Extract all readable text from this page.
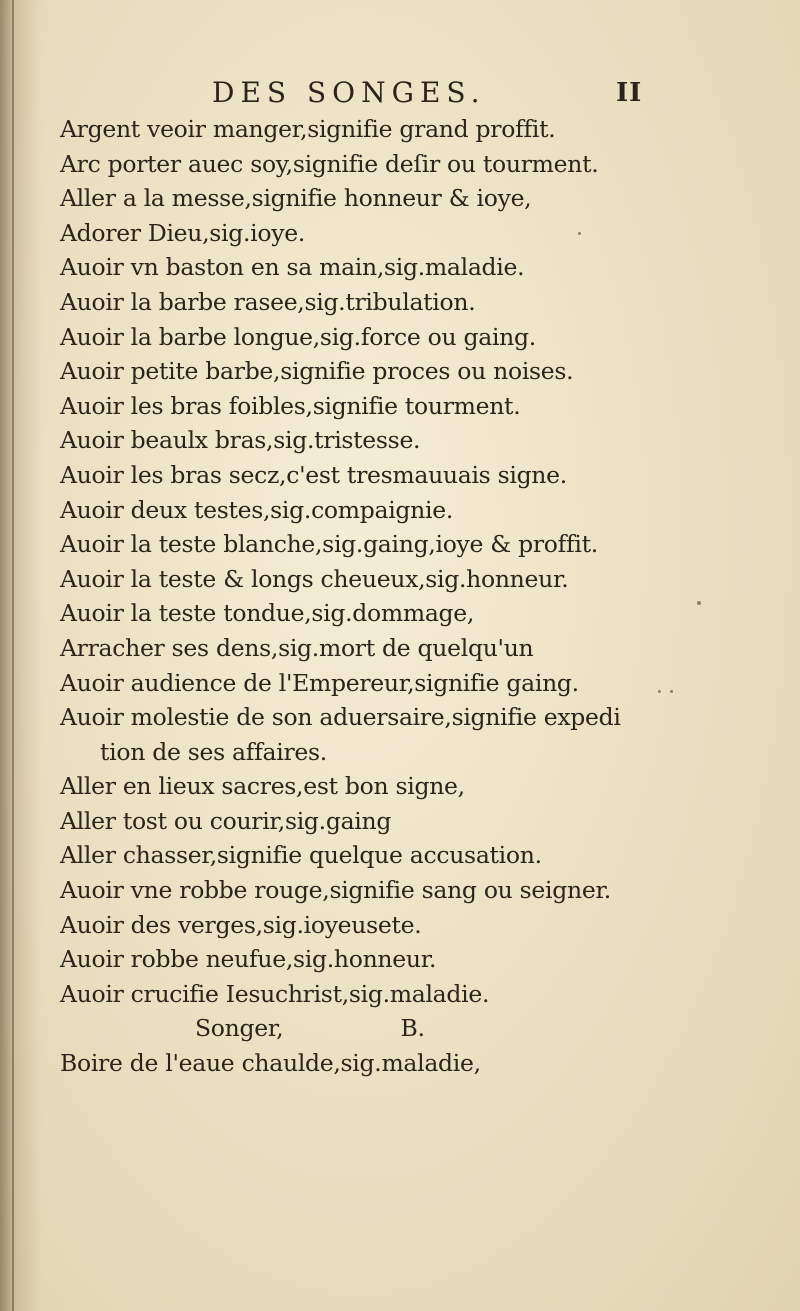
DES SONGES.	II
Argent veoir manger,signifie grand proffit.
Arc porter auec soy,signifie deſir ou tourment.
Aller a la messe,signifie honneur & ioye,
Adorer Dieu,sig.ioye.
Auoir vn baston en sa main,sig.maladie.
Auoir la barbe rasee,sig.tribulation.
Auoir la barbe longue,sig.force ou gaing.
Auoir petite barbe,signifie proces ou noises.
Auoir les bras foibles,signifie tourment.
Auoir beaulx bras,sig.tristesse.
Auoir les bras secz,c'est tresmauuais signe.
Auoir deux testes,sig.compaignie.
Auoir la teste blanche,sig.gaing,ioye & proffit.
Auoir la teste & longs cheueux,sig.honneur.
Auoir la teste tondue,sig.dommage,
Arracher ses dens,sig.mort de quelqu'un
Auoir audience de l'Empereur,signifie gaing.
Auoir molestie de son aduersaire,signifie expedi
tion de ses affaires.
Aller en lieux sacres,est bon signe,
Aller tost ou courir,sig.gaing
Aller chasser,signifie quelque accusation.
Auoir vne robbe rouge,signifie sang ou seigner.
Auoir des verges,sig.ioyeusete.
Auoir robbe neufue,sig.honneur.
Auoir crucifie Iesuchrist,sig.maladie.
Songer, B.
Boire de l'eaue chaulde,sig.maladie,
